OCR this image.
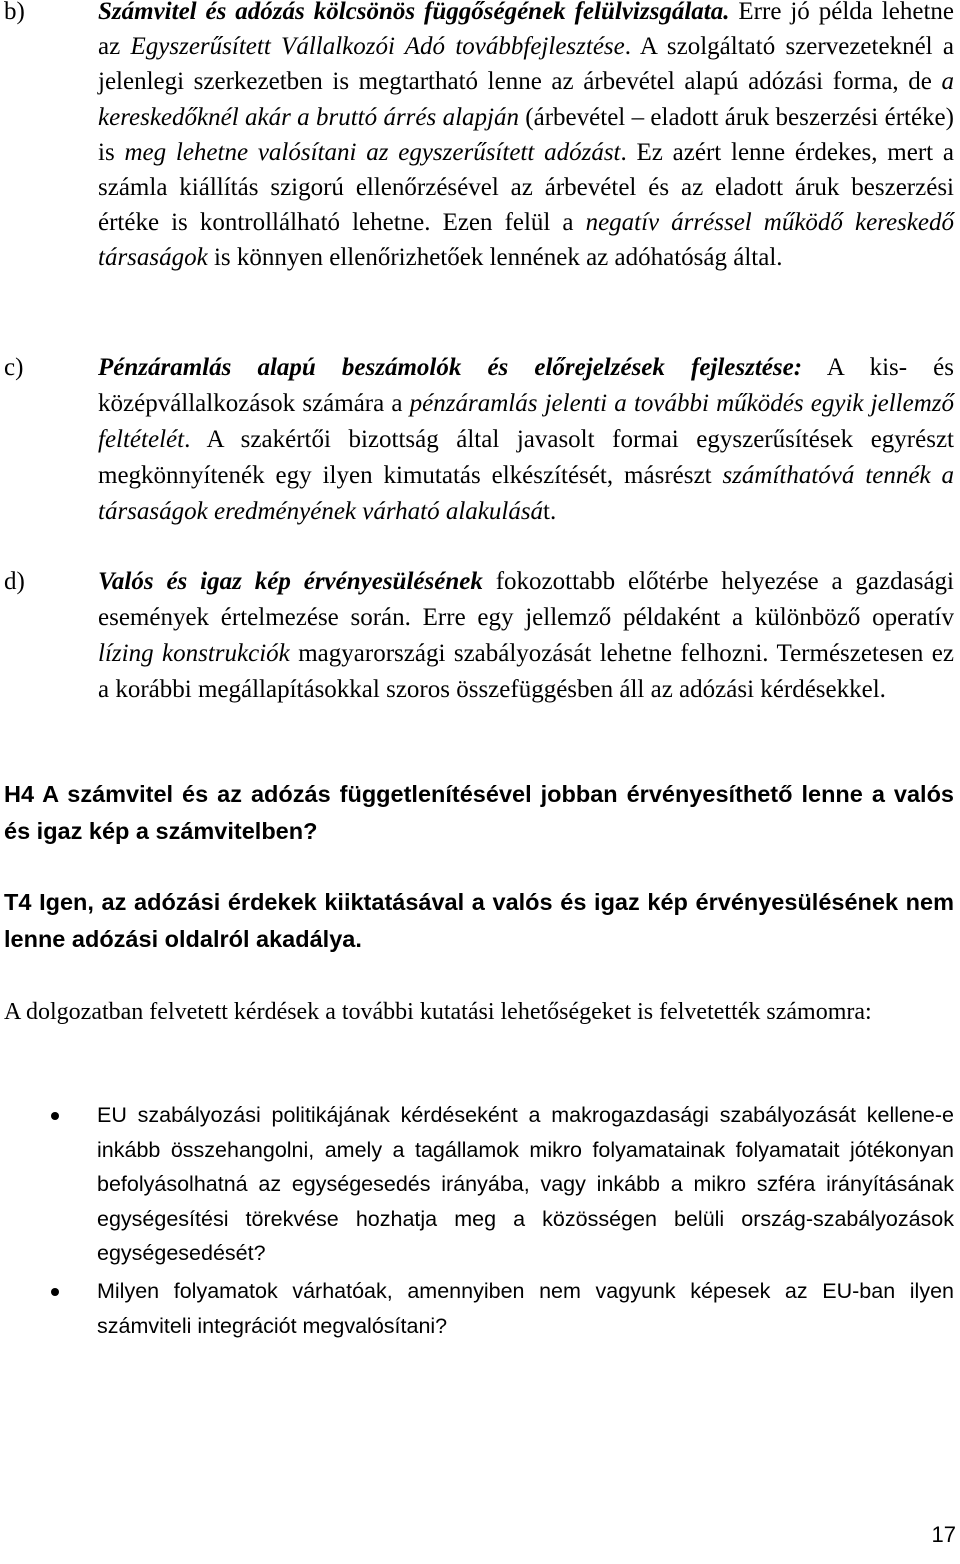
b)	Számvitel és adózás kölcsönös függőségének felülvizsgálata. Erre jó példa lehetne az Egyszerűsített Vállalkozói Adó továbbfejlesztése. A szolgáltató szervezeteknél a jelenlegi szerkezetben is megtartható lenne az árbevétel alapú adózási forma, de a kereskedőknél akár a bruttó árrés alapján (árbevétel – eladott áruk beszerzési értéke) is meg lehetne valósítani az egyszerűsített adózást. Ez azért lenne érdekes, mert a számla kiállítás szigorú ellenőrzésével az árbevétel és az eladott áruk beszerzési értéke is kontrollálható lehetne. Ezen felül a negatív árréssel működő kereskedő társaságok is könnyen ellenőrizhetőek lennének az adóhatóság által.

c)	Pénzáramlás alapú beszámolók és előrejelzések fejlesztése: A kis- és középvállalkozások számára a pénzáramlás jelenti a további működés egyik jellemző feltételét. A szakértői bizottság által javasolt formai egyszerűsítések egyrészt megkönnyítenék egy ilyen kimutatás elkészítését, másrészt számíthatóvá tennék a társaságok eredményének várható alakulását.

d)	Valós és igaz kép érvényesülésének fokozottabb előtérbe helyezése a gazdasági események értelmezése során. Erre egy jellemző példaként a különböző operatív lízing konstrukciók magyarországi szabályozását lehetne felhozni. Természetesen ez a korábbi megállapításokkal szoros összefüggésben áll az adózási kérdésekkel.

H4 A számvitel és az adózás függetlenítésével jobban érvényesíthető lenne a valós és igaz kép a számvitelben?

T4 Igen, az adózási érdekek kiiktatásával a valós és igaz kép érvényesülésének nem lenne adózási oldalról akadálya.

A dolgozatban felvetett kérdések a további kutatási lehetőségeket is felvetették számomra:

EU szabályozási politikájának kérdéseként a makrogazdasági szabályozását kellene-e inkább összehangolni, amely a tagállamok mikro folyamatainak folyamatait jótékonyan befolyásolhatná az egységesedés irányába, vagy inkább a mikro szféra irányításának egységesítési törekvése hozhatja meg a közösségen belüli ország-szabályozások egységesedését?

Milyen folyamatok várhatóak, amennyiben nem vagyunk képesek az EU-ban ilyen számviteli integrációt megvalósítani?

17
